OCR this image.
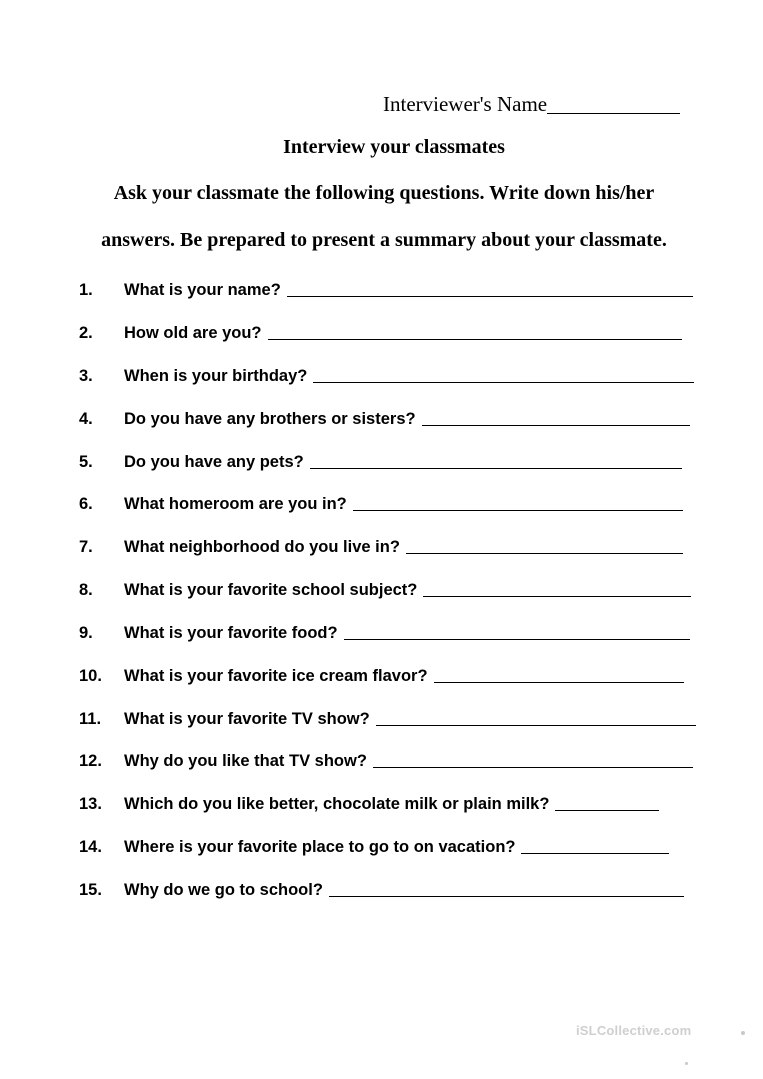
Interviewer's Name
Interview your classmates
Ask your classmate the following questions. Write down his/her
answers. Be prepared to present a summary about your classmate.
1.	What is your name?
2.	How old are you?
3.	When is your birthday?
4.	Do you have any brothers or sisters?
5.	Do you have any pets?
6.	What homeroom are you in?
7.	What neighborhood do you live in?
8.	What is your favorite school subject?
9.	What is your favorite food?
10.	What is your favorite ice cream flavor?
11.	What is your favorite TV show?
12.	Why do you like that TV show?
13.	Which do you like better, chocolate milk or plain milk?
14.	Where is your favorite place to go to on vacation?
15.	Why do we go to school?
iSLCollective.com
